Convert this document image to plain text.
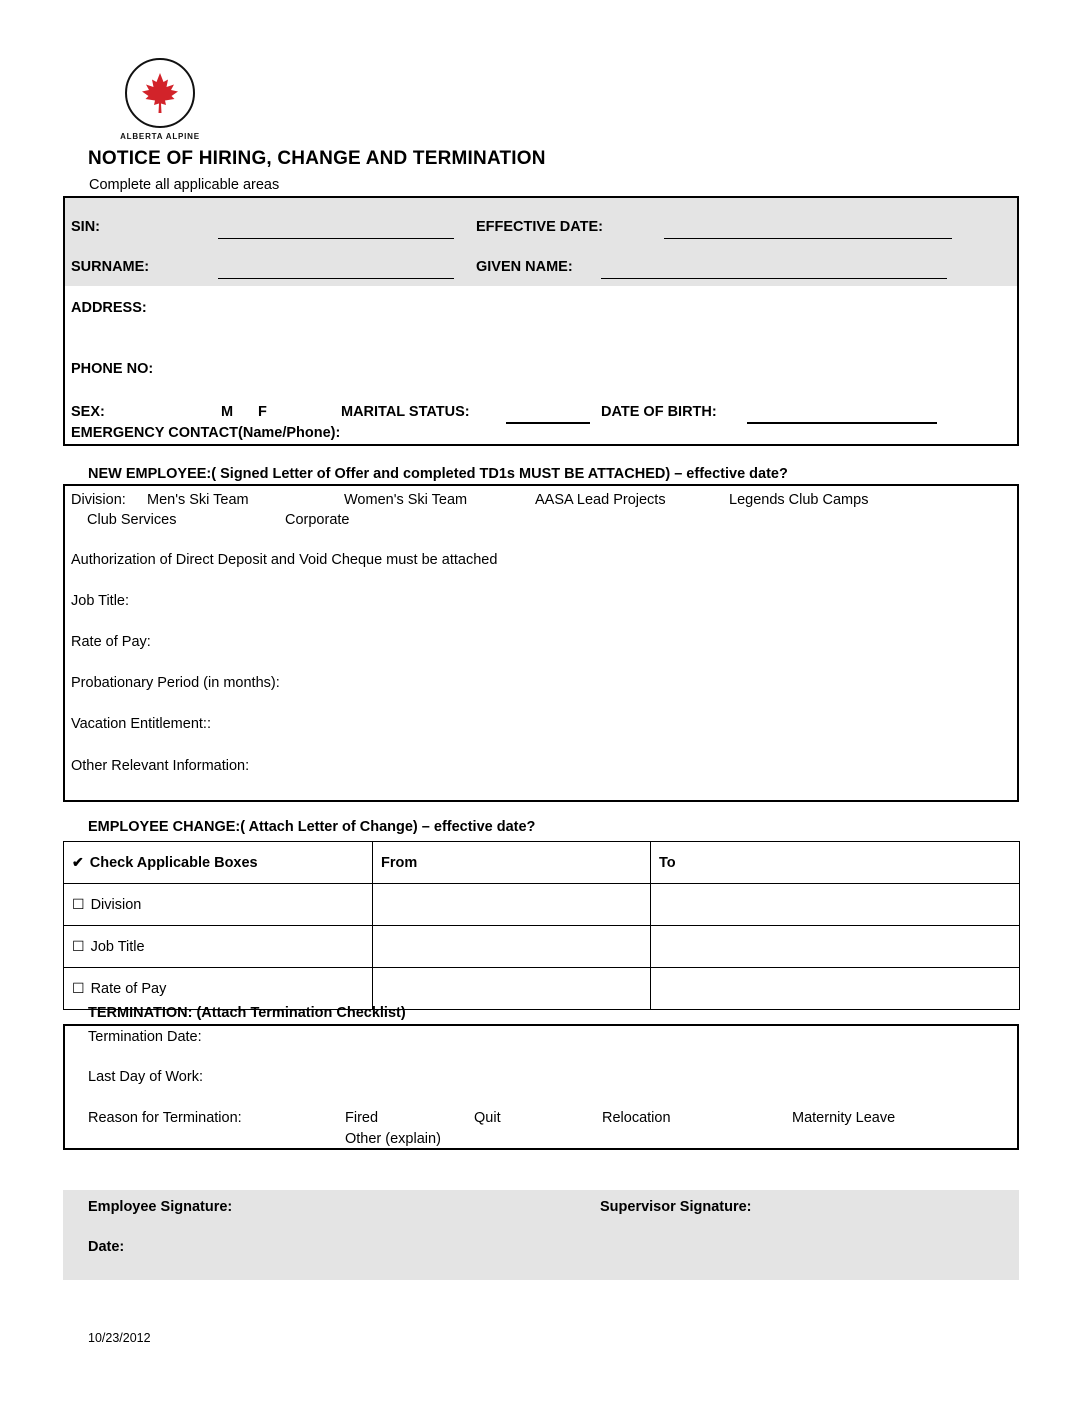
ALBERTA ALPINE
NOTICE OF HIRING, CHANGE AND TERMINATION
Complete all applicable areas
SIN:	EFFECTIVE DATE:
SURNAME:	GIVEN NAME:
ADDRESS:
PHONE NO:
SEX:	M F	MARITAL STATUS:	DATE OF BIRTH:
EMERGENCY CONTACT(Name/Phone):
NEW EMPLOYEE:( Signed Letter of Offer and completed TD1s MUST BE ATTACHED) – effective date?
Division: Men's Ski Team	Women's Ski Team	AASA Lead Projects	Legends Club Camps
Club Services	Corporate
Authorization of Direct Deposit and Void Cheque must be attached
Job Title:
Rate of Pay:
Probationary Period (in months):
Vacation Entitlement::
Other Relevant Information:
EMPLOYEE CHANGE:( Attach Letter of Change) – effective date?
✔ Check Applicable Boxes	From	To
☐ Division		
☐ Job Title		
☐ Rate of Pay		
TERMINATION: (Attach Termination Checklist)
Termination Date:
Last Day of Work:
Reason for Termination:	Fired	Quit	Relocation	Maternity Leave
Other (explain)
Employee Signature:	Supervisor Signature:
Date:
10/23/2012
